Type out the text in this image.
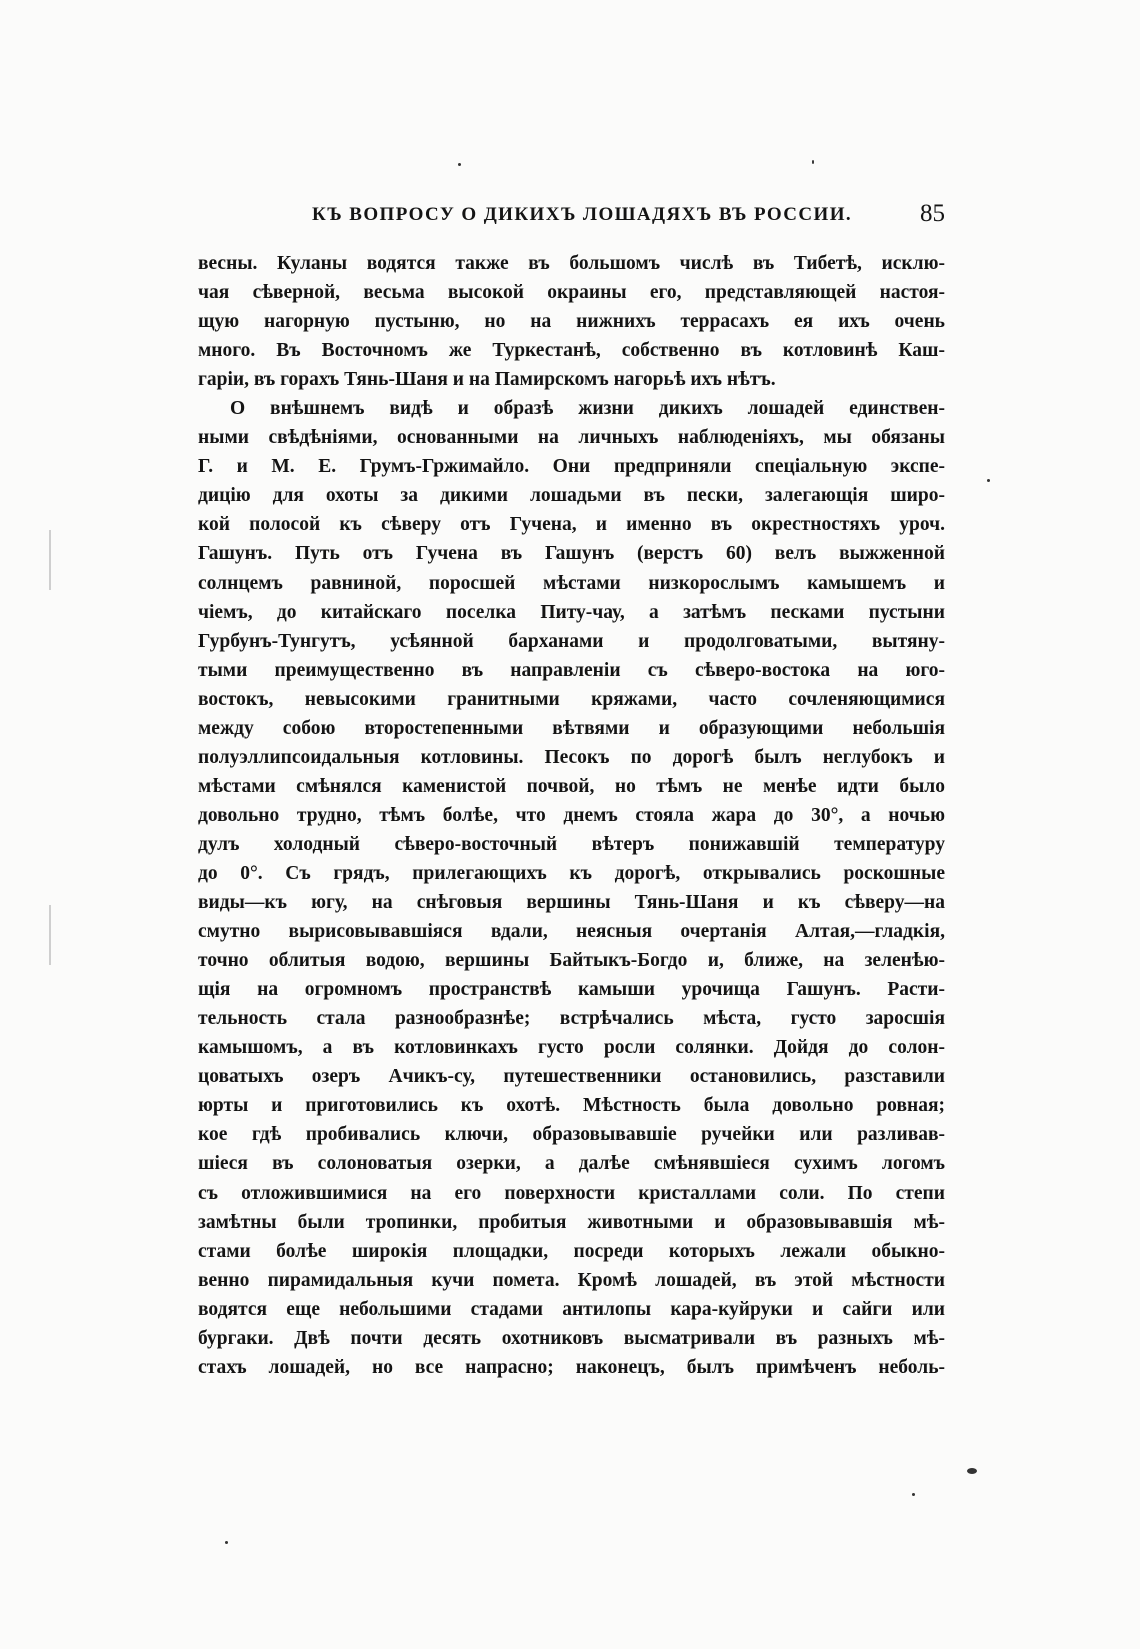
КЪ ВОПРОСУ О ДИКИХЪ ЛОШАДЯХЪ ВЪ РОССИИ.	85
весны. Куланы водятся также въ большомъ числѣ въ Тибетѣ, исклю-
чая сѣверной, весьма высокой окраины его, представляющей настоя-
щую нагорную пустыню, но на нижнихъ террасахъ ея ихъ очень
много. Въ Восточномъ же Туркестанѣ, собственно въ котловинѣ Каш-
гаріи, въ горахъ Тянь-Шаня и на Памирскомъ нагорьѣ ихъ нѣтъ.
О внѣшнемъ видѣ и образѣ жизни дикихъ лошадей единствен-
ными свѣдѣніями, основанными на личныхъ наблюденіяхъ, мы обязаны
Г. и М. Е. Грумъ-Гржимайло. Они предприняли спеціальную экспе-
дицію для охоты за дикими лошадьми въ пески, залегающія широ-
кой полосой къ сѣверу отъ Гучена, и именно въ окрестностяхъ уроч.
Гашунъ. Путь отъ Гучена въ Гашунъ (верстъ 60) велъ выжженной
солнцемъ равниной, поросшей мѣстами низкорослымъ камышемъ и
чіемъ, до китайскаго поселка Питу-чау, а затѣмъ песками пустыни
Гурбунъ-Тунгутъ, усѣянной барханами и продолговатыми, вытяну-
тыми преимущественно въ направленіи съ сѣверо-востока на юго-
востокъ, невысокими гранитными кряжами, часто сочленяющимися
между собою второстепенными вѣтвями и образующими небольшія
полуэллипсоидальныя котловины. Песокъ по дорогѣ былъ неглубокъ и
мѣстами смѣнялся каменистой почвой, но тѣмъ не менѣе идти было
довольно трудно, тѣмъ болѣе, что днемъ стояла жара до 30°, а ночью
дулъ холодный сѣверо-восточный вѣтеръ понижавшій температуру
до 0°. Съ грядъ, прилегающихъ къ дорогѣ, открывались роскошные
виды—къ югу, на снѣговыя вершины Тянь-Шаня и къ сѣверу—на
смутно вырисовывавшіяся вдали, неясныя очертанія Алтая,—гладкія,
точно облитыя водою, вершины Байтыкъ-Богдо и, ближе, на зеленѣю-
щія на огромномъ пространствѣ камыши урочища Гашунъ. Расти-
тельность стала разнообразнѣе; встрѣчались мѣста, густо заросшія
камышомъ, а въ котловинкахъ густо росли солянки. Дойдя до солон-
цоватыхъ озеръ Ачикъ-су, путешественники остановились, разставили
юрты и приготовились къ охотѣ. Мѣстность была довольно ровная;
кое гдѣ пробивались ключи, образовывавшіе ручейки или разливав-
шіеся въ солоноватыя озерки, а далѣе смѣнявшіеся сухимъ логомъ
съ отложившимися на его поверхности кристаллами соли. По степи
замѣтны были тропинки, пробитыя животными и образовывавшія мѣ-
стами болѣе широкія площадки, посреди которыхъ лежали обыкно-
венно пирамидальныя кучи помета. Кромѣ лошадей, въ этой мѣстности
водятся еще небольшими стадами антилопы кара-куйруки и сайги или
бургаки. Двѣ почти десять охотниковъ высматривали въ разныхъ мѣ-
стахъ лошадей, но все напрасно; наконецъ, былъ примѣченъ неболь-
